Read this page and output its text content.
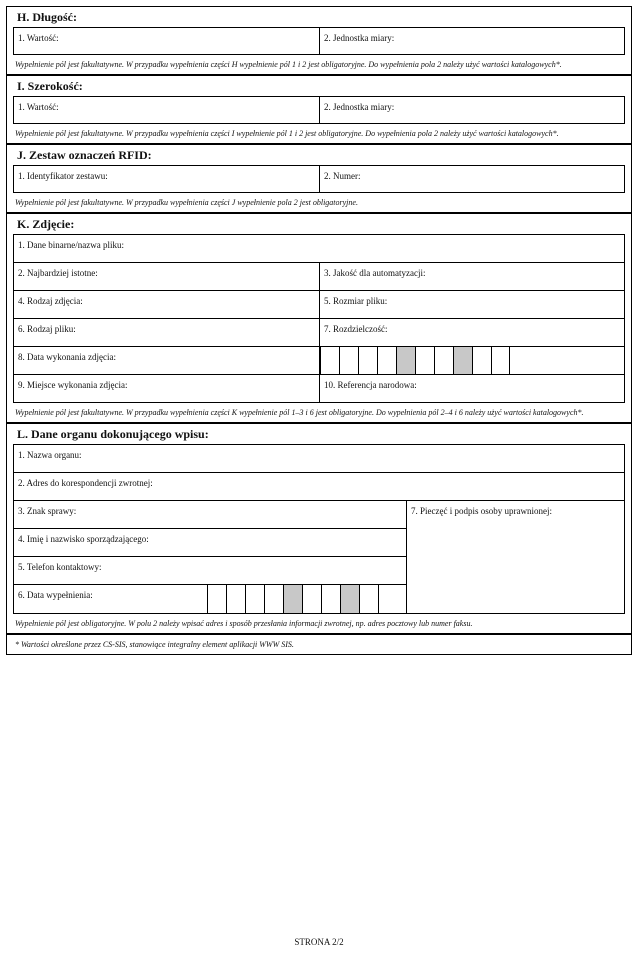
H. Długość:
1. Wartość:	2. Jednostka miary:
Wypełnienie pól jest fakultatywne. W przypadku wypełnienia części H wypełnienie pól 1 i 2 jest obligatoryjne. Do wypełnienia pola 2 należy użyć wartości katalogowych*.
I. Szerokość:
1. Wartość:	2. Jednostka miary:
Wypełnienie pól jest fakultatywne. W przypadku wypełnienia części I wypełnienie pól 1 i 2 jest obligatoryjne. Do wypełnienia pola 2 należy użyć wartości katalogowych*.
J. Zestaw oznaczeń RFID:
1. Identyfikator zestawu:	2. Numer:
Wypełnienie pól jest fakultatywne. W przypadku wypełnienia części J wypełnienie pola 2 jest obligatoryjne.
K. Zdjęcie:
1. Dane binarne/nazwa pliku:
2. Najbardziej istotne:	3. Jakość dla automatyzacji:
4. Rodzaj zdjęcia:	5. Rozmiar pliku:
6. Rodzaj pliku:	7. Rozdzielczość:
8. Data wykonania zdjęcia:
9. Miejsce wykonania zdjęcia:	10. Referencja narodowa:
Wypełnienie pól jest fakultatywne. W przypadku wypełnienia części K wypełnienie pól 1–3 i 6 jest obligatoryjne. Do wypełnienia pól 2–4 i 6 należy użyć wartości katalogowych*.
L. Dane organu dokonującego wpisu:
1. Nazwa organu:
2. Adres do korespondencji zwrotnej:
3. Znak sprawy:
4. Imię i nazwisko sporządzającego:
5. Telefon kontaktowy:
6. Data wypełnienia:
7. Pieczęć i podpis osoby uprawnionej:
Wypełnienie pól jest obligatoryjne. W polu 2 należy wpisać adres i sposób przesłania informacji zwrotnej, np. adres pocztowy lub numer faksu.
* Wartości określone przez CS-SIS, stanowiące integralny element aplikacji WWW SIS.
STRONA 2/2
